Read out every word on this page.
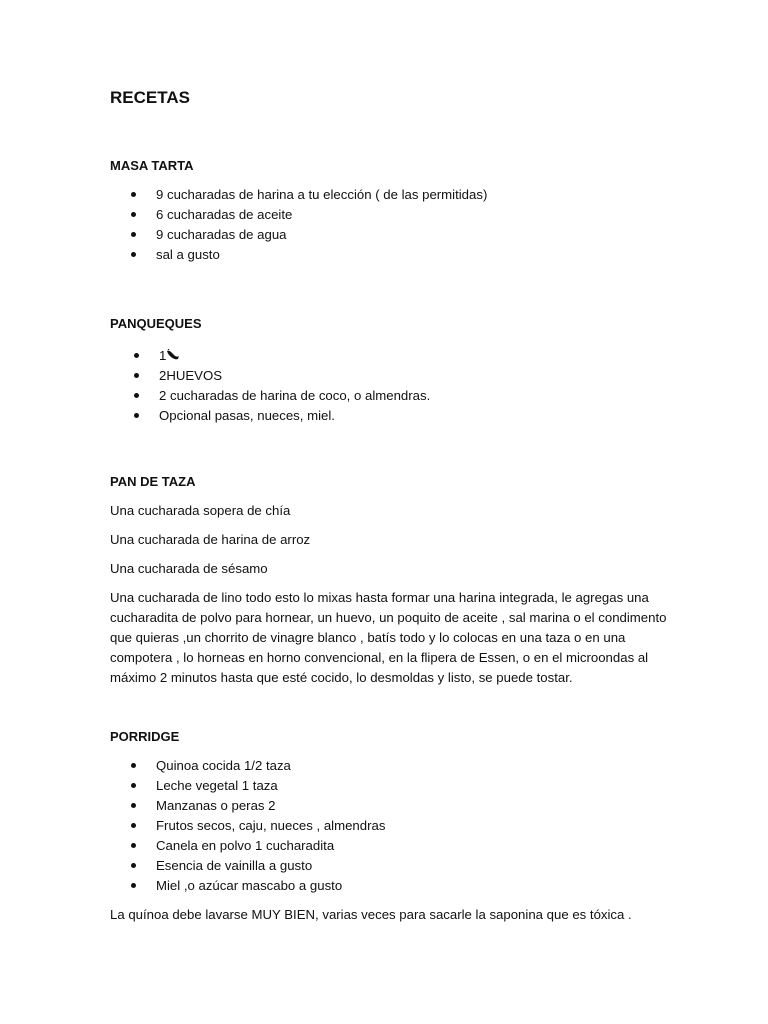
RECETAS
MASA TARTA
9 cucharadas de harina a tu elección ( de las permitidas)
6 cucharadas de aceite
9 cucharadas de agua
sal a gusto
PANQUEQUES
1
2HUEVOS
2 cucharadas de harina de coco, o almendras.
Opcional pasas, nueces, miel.
PAN DE TAZA

Una cucharada sopera de chía

Una cucharada de harina de arroz

Una cucharada de sésamo

Una cucharada de lino todo esto lo mixas hasta formar una harina integrada, le agregas una cucharadita de polvo para hornear, un huevo, un poquito de aceite , sal marina o el condimento que quieras ,un chorrito de vinagre blanco , batís todo y lo colocas en una taza o en una compotera , lo horneas en horno convencional, en la flipera de Essen, o en el microondas al máximo 2 minutos hasta que esté cocido, lo desmoldas y listo, se puede tostar.

PORRIDGE
Quinoa cocida 1/2 taza
Leche vegetal 1 taza
Manzanas o peras 2
Frutos secos, caju, nueces , almendras
Canela en polvo 1 cucharadita
Esencia de vainilla a gusto
Miel ,o azúcar mascabo a gusto

La quínoa debe lavarse MUY BIEN, varias veces para sacarle la saponina que es tóxica .
